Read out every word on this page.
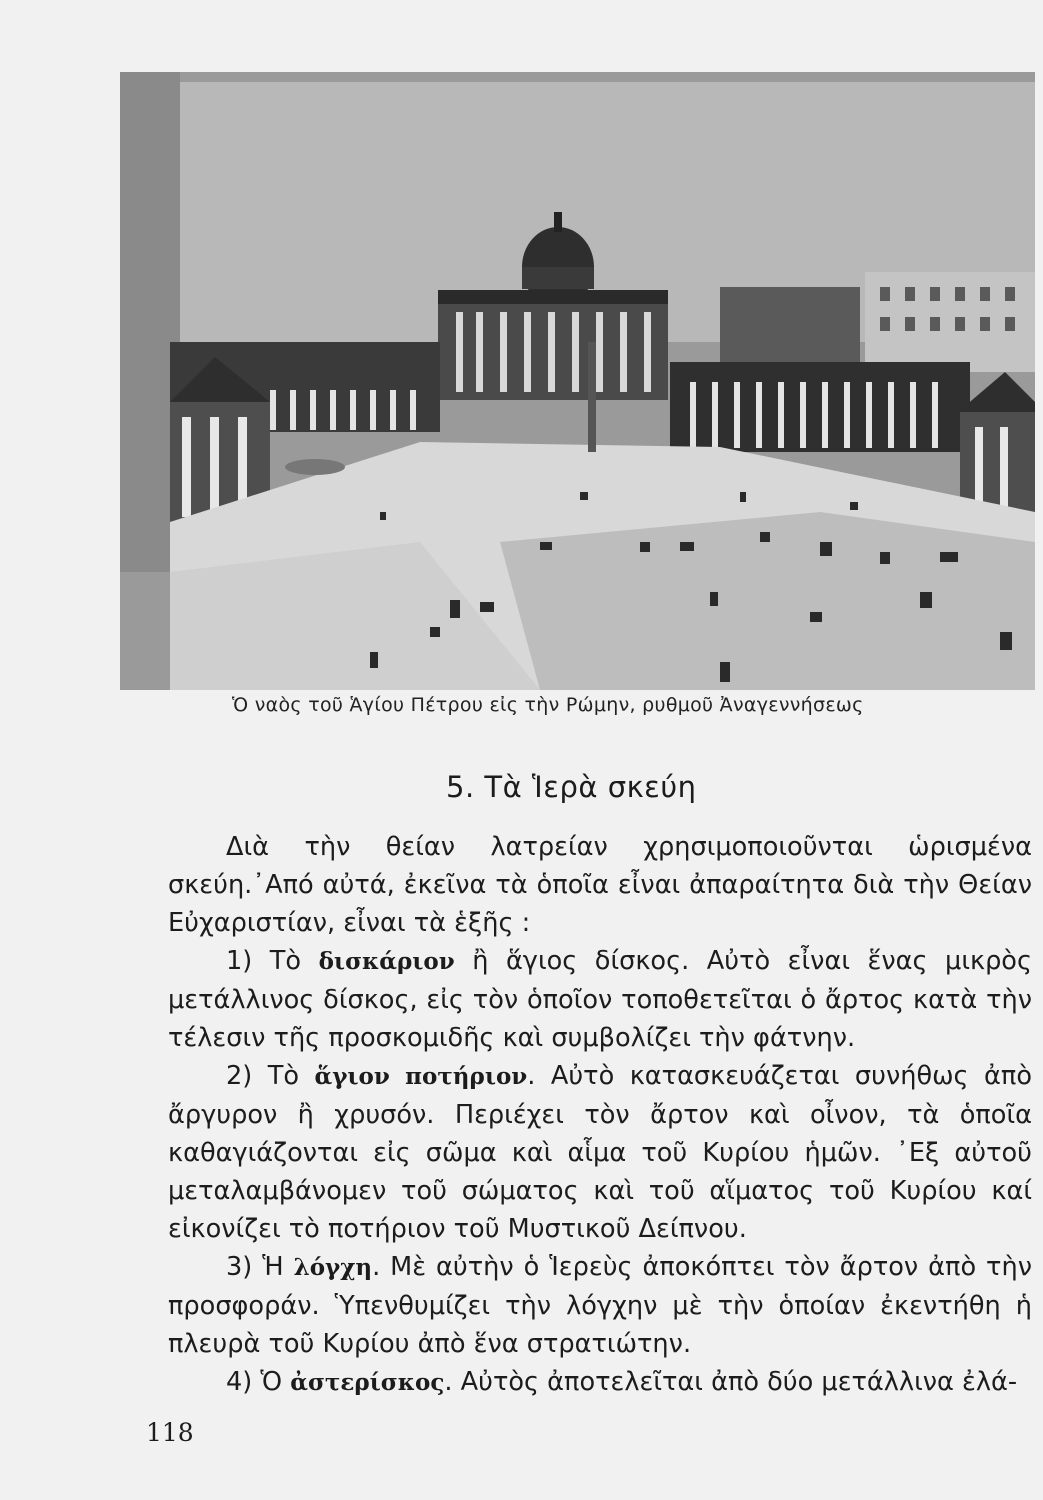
Ὁ ναὸς τοῦ Ἁγίου Πέτρου εἰς τὴν Ρώμην, ρυθμοῦ Ἀναγεννήσεως
5. Τὰ Ἱερὰ σκεύη

Διὰ τὴν θείαν λατρείαν χρησιμοποιοῦνται ὡρισμένα σκεύη.᾽Από αὐτά, ἐκεῖνα τὰ ὁποῖα εἶναι ἀπαραίτητα διὰ τὴν Θείαν Εὐχαριστίαν, εἶναι τὰ ἑξῆς :

1) Τὸ δισκάριον ἢ ἅγιος δίσκος. Αὐτὸ εἶναι ἕνας μικρὸς μετάλλινος δίσκος, εἰς τὸν ὁποῖον τοποθετεῖται ὁ ἄρτος κατὰ τὴν τέλεσιν τῆς προσκομιδῆς καὶ συμβολίζει τὴν φάτνην.

2) Τὸ ἅγιον ποτήριον. Αὐτὸ κατασκευάζεται συνήθως ἀπὸ ἄργυρον ἢ χρυσόν. Περιέχει τὸν ἄρτον καὶ οἶνον, τὰ ὁποῖα καθαγιάζονται εἰς σῶμα καὶ αἷμα τοῦ Κυρίου ἡμῶν. ᾽Εξ αὐτοῦ μεταλαμβάνομεν τοῦ σώματος καὶ τοῦ αἵματος τοῦ Κυρίου καί εἰκονίζει τὸ ποτήριον τοῦ Μυστικοῦ Δείπνου.

3) Ἡ λόγχη. Μὲ αὐτὴν ὁ Ἱερεὺς ἀποκόπτει τὸν ἄρτον ἀπὸ τὴν προσφοράν. Ὑπενθυμίζει τὴν λόγχην μὲ τὴν ὁποίαν ἐκεντήθη ἡ πλευρὰ τοῦ Κυρίου ἀπὸ ἕνα στρατιώτην.

4) Ὁ ἀστερίσκος. Αὐτὸς ἀποτελεῖται ἀπὸ δύο μετάλλινα ἐλά-

118
